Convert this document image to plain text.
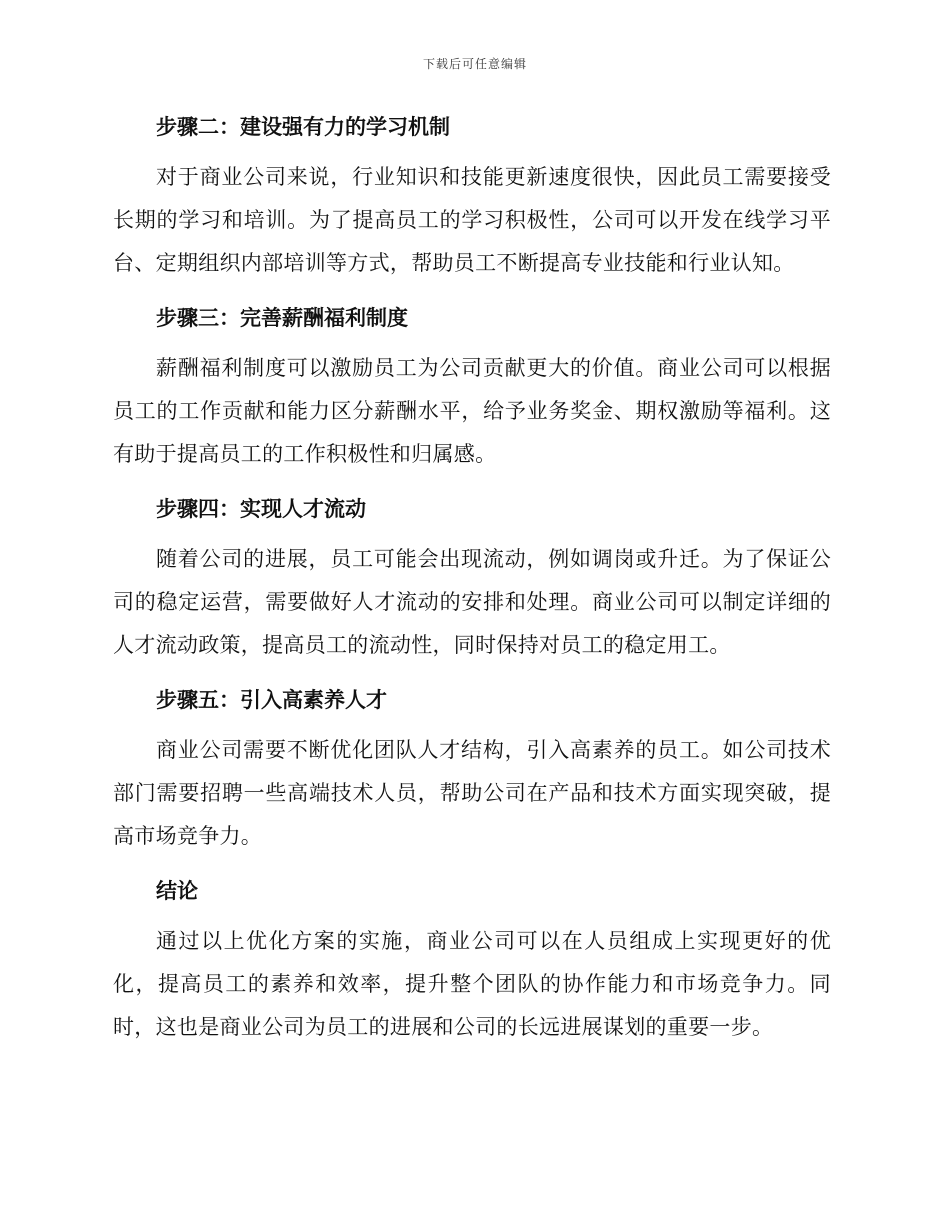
下载后可任意编辑
步骤二：建设强有力的学习机制

对于商业公司来说，行业知识和技能更新速度很快，因此员工需要接受长期的学习和培训。为了提高员工的学习积极性，公司可以开发在线学习平台、定期组织内部培训等方式，帮助员工不断提高专业技能和行业认知。

步骤三：完善薪酬福利制度

薪酬福利制度可以激励员工为公司贡献更大的价值。商业公司可以根据员工的工作贡献和能力区分薪酬水平，给予业务奖金、期权激励等福利。这有助于提高员工的工作积极性和归属感。

步骤四：实现人才流动

随着公司的进展，员工可能会出现流动，例如调岗或升迁。为了保证公司的稳定运营，需要做好人才流动的安排和处理。商业公司可以制定详细的人才流动政策，提高员工的流动性，同时保持对员工的稳定用工。

步骤五：引入高素养人才

商业公司需要不断优化团队人才结构，引入高素养的员工。如公司技术部门需要招聘一些高端技术人员，帮助公司在产品和技术方面实现突破，提高市场竞争力。

结论

通过以上优化方案的实施，商业公司可以在人员组成上实现更好的优化，提高员工的素养和效率，提升整个团队的协作能力和市场竞争力。同时，这也是商业公司为员工的进展和公司的长远进展谋划的重要一步。
